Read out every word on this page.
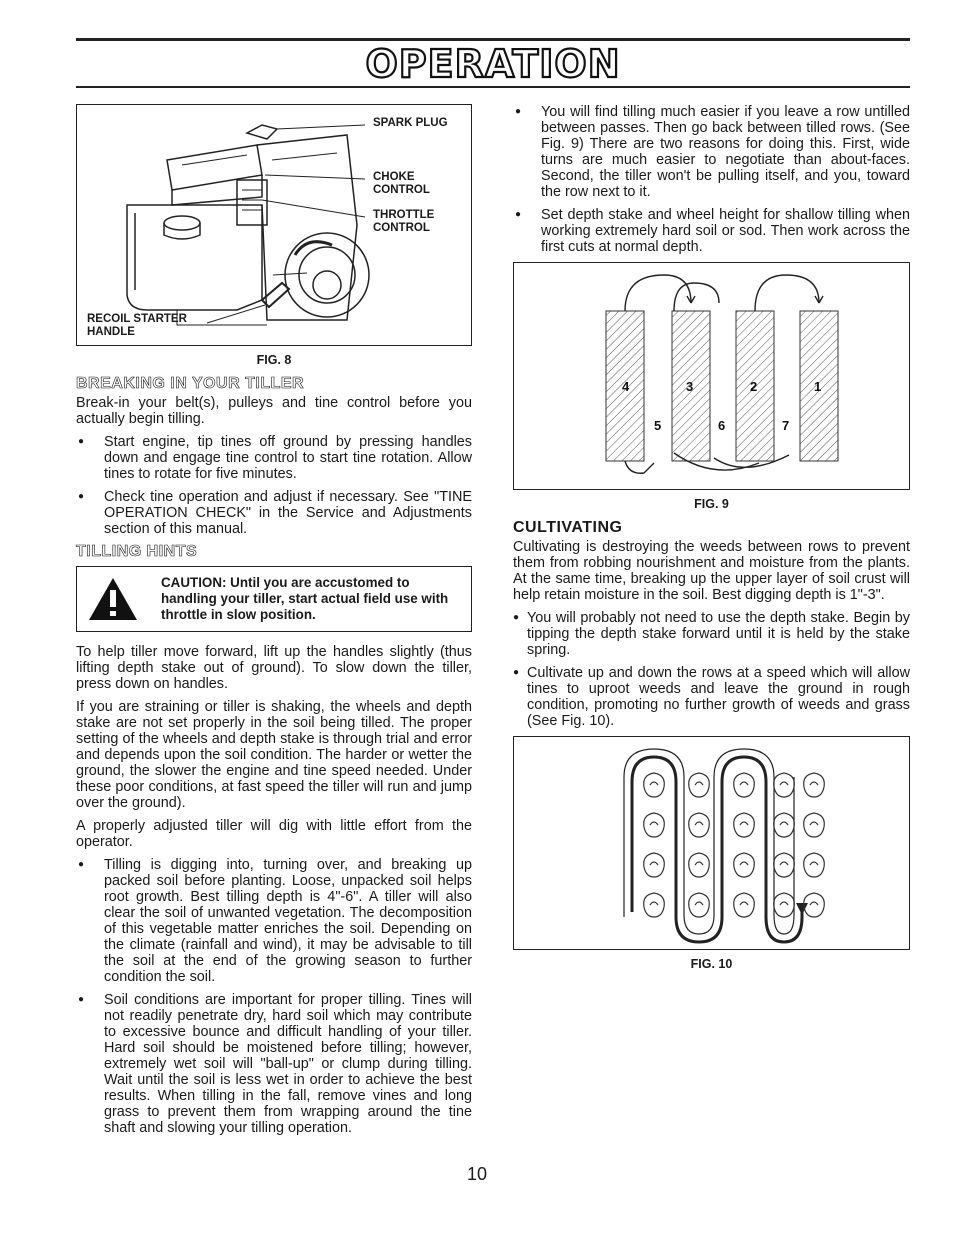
OPERATION
SPARK PLUG
CHOKE CONTROL
THROTTLE CONTROL
RECOIL STARTER HANDLE
FIG. 8
BREAKING IN YOUR TILLER

Break-in your belt(s), pulleys and tine control before you actually begin tilling.

● Start engine, tip tines off ground by pressing handles down and engage tine control to start tine rotation. Allow tines to rotate for five minutes.
● Check tine operation and adjust if necessary. See "TINE OPERATION CHECK" in the Service and Adjustments section of this manual.
TILLING HINTS
CAUTION: Until you are accustomed to handling your tiller, start actual field use with throttle in slow position.

To help tiller move forward, lift up the handles slightly (thus lifting depth stake out of ground). To slow down the tiller, press down on handles.

If you are straining or tiller is shaking, the wheels and depth stake are not set properly in the soil being tilled. The proper setting of the wheels and depth stake is through trial and error and depends upon the soil condition. The harder or wetter the ground, the slower the engine and tine speed needed. Under these poor conditions, at fast speed the tiller will run and jump over the ground).

A properly adjusted tiller will dig with little effort from the operator.

● Tilling is digging into, turning over, and breaking up packed soil before planting. Loose, unpacked soil helps root growth. Best tilling depth is 4"-6". A tiller will also clear the soil of unwanted vegetation. The decomposition of this vegetable matter enriches the soil. Depending on the climate (rainfall and wind), it may be advisable to till the soil at the end of the growing season to further condition the soil.
● Soil conditions are important for proper tilling. Tines will not readily penetrate dry, hard soil which may contribute to excessive bounce and difficult handling of your tiller. Hard soil should be moistened before tilling; however, extremely wet soil will "ball-up" or clump during tilling. Wait until the soil is less wet in order to achieve the best results. When tilling in the fall, remove vines and long grass to prevent them from wrapping around the tine shaft and slowing your tilling operation.
● You will find tilling much easier if you leave a row untilled between passes. Then go back between tilled rows. (See Fig. 9) There are two reasons for doing this. First, wide turns are much easier to negotiate than about-faces. Second, the tiller won't be pulling itself, and you, toward the row next to it.
● Set depth stake and wheel height for shallow tilling when working extremely hard soil or sod. Then work across the first cuts at normal depth.
4	3	2	1
5	6	7
FIG. 9
CULTIVATING

Cultivating is destroying the weeds between rows to prevent them from robbing nourishment and moisture from the plants. At the same time, breaking up the upper layer of soil crust will help retain moisture in the soil. Best digging depth is 1"-3".

● You will probably not need to use the depth stake. Begin by tipping the depth stake forward until it is held by the stake spring.
● Cultivate up and down the rows at a speed which will allow tines to uproot weeds and leave the ground in rough condition, promoting no further growth of weeds and grass (See Fig. 10).
FIG. 10
10
